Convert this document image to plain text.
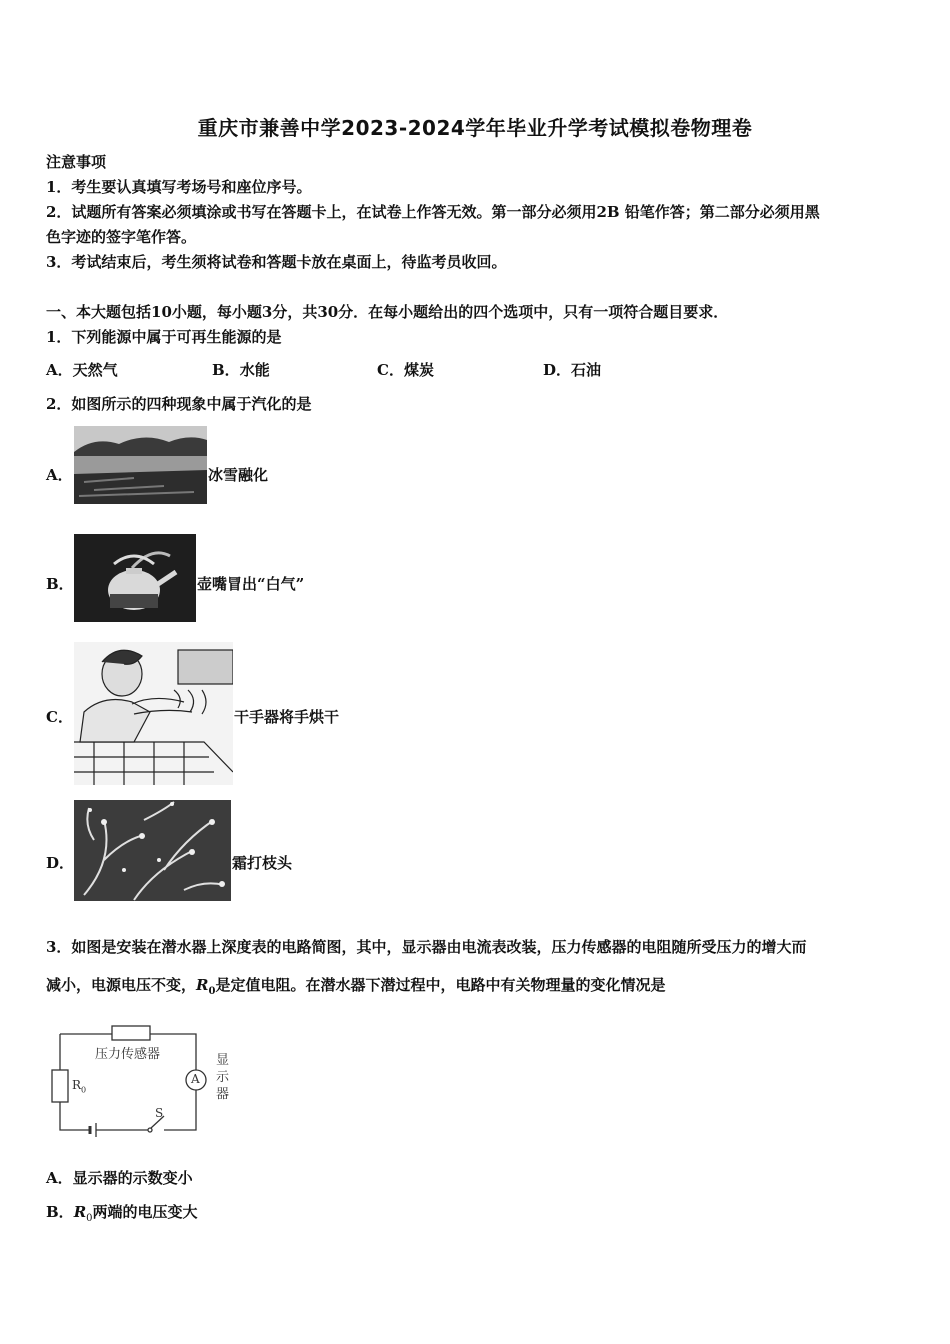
重庆市兼善中学2023-2024学年毕业升学考试模拟卷物理卷
注意事项
1．考生要认真填写考场号和座位序号。
2．试题所有答案必须填涂或书写在答题卡上，在试卷上作答无效。第一部分必须用2B 铅笔作答；第二部分必须用黑
色字迹的签字笔作答。
3．考试结束后，考生须将试卷和答题卡放在桌面上，待监考员收回。
一、本大题包括10小题，每小题3分，共30分．在每小题给出的四个选项中，只有一项符合题目要求．
1．下列能源中属于可再生能源的是
A．天然气	B．水能	C．煤炭	D．石油
2．如图所示的四种现象中属于汽化的是
A．	冰雪融化
B．	壶嘴冒出“白气”
C．	干手器将手烘干
D．	霜打枝头
3．如图是安装在潜水器上深度表的电路简图，其中，显示器由电流表改装，压力传感器的电阻随所受压力的增大而
减小，电源电压不变，$R_0$是定值电阻。在潜水器下潜过程中，电路中有关物理量的变化情况是
压力传感器
$R_0$
A
S
显
示
器
A．显示器的示数变小
B．$R_0$两端的电压变大
